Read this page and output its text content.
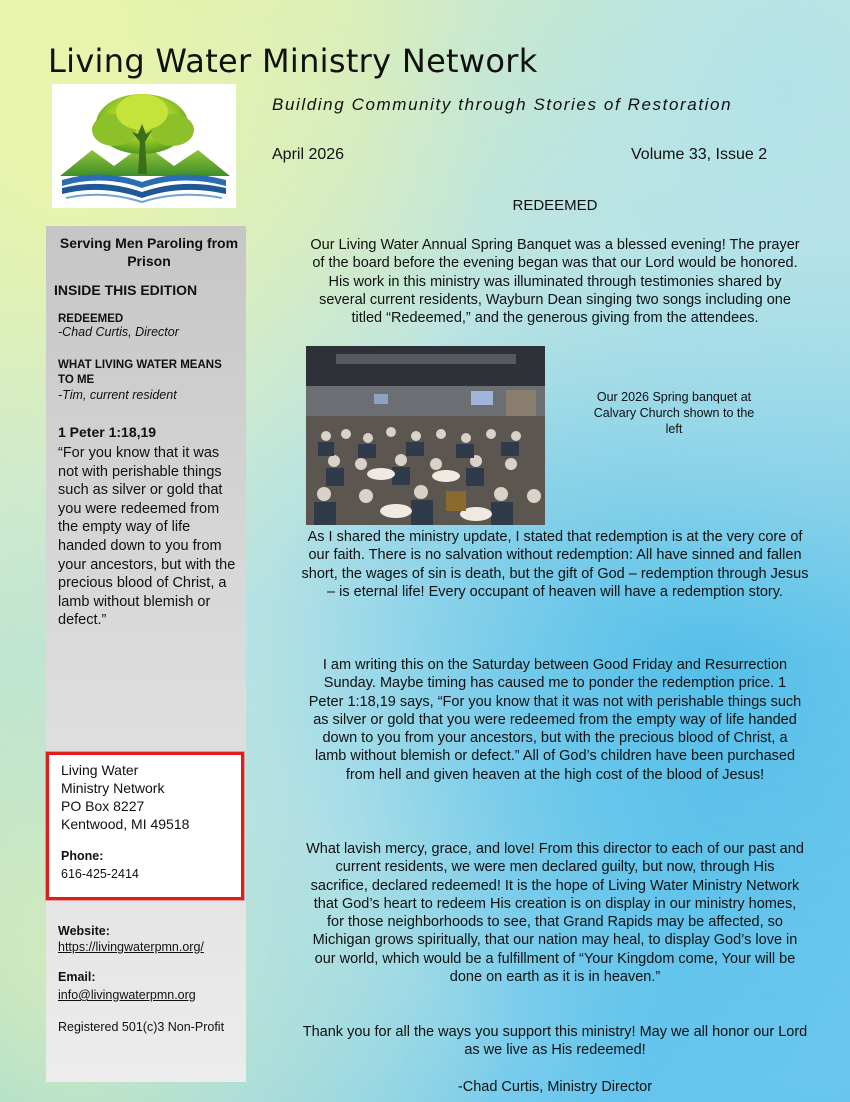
Living Water Ministry Network
Building Community through Stories of Restoration
April 2026	Volume 33, Issue 2
Serving Men Paroling from Prison
INSIDE THIS EDITION
REDEEMED
-Chad Curtis, Director
WHAT LIVING WATER MEANS TO ME
-Tim, current resident
1 Peter 1:18,19
“For you know that it was not with perishable things such as silver or gold that you were redeemed from the empty way of life handed down to you from your ancestors, but with the precious blood of Christ, a lamb without blemish or defect.”
Website:
https://livingwaterpmn.org/
Email:
info@livingwaterpmn.org
Registered 501(c)3 Non-Profit
Living Water Ministry Network
PO Box 8227
Kentwood, MI 49518
Phone:
616-425-2414
REDEEMED
Our Living Water Annual Spring Banquet was a blessed evening! The prayer of the board before the evening began was that our Lord would be honored. His work in this ministry was illuminated through testimonies shared by several current residents, Wayburn Dean singing two songs including one titled “Redeemed,” and the generous giving from the attendees.
Our 2026 Spring banquet at Calvary Church shown to the left
As I shared the ministry update, I stated that redemption is at the very core of our faith. There is no salvation without redemption: All have sinned and fallen short, the wages of sin is death, but the gift of God – redemption through Jesus – is eternal life! Every occupant of heaven will have a redemption story.
I am writing this on the Saturday between Good Friday and Resurrection Sunday. Maybe timing has caused me to ponder the redemption price. 1 Peter 1:18,19 says, “For you know that it was not with perishable things such as silver or gold that you were redeemed from the empty way of life handed down to you from your ancestors, but with the precious blood of Christ, a lamb without blemish or defect.” All of God’s children have been purchased from hell and given heaven at the high cost of the blood of Jesus!
What lavish mercy, grace, and love! From this director to each of our past and current residents, we were men declared guilty, but now, through His sacrifice, declared redeemed! It is the hope of Living Water Ministry Network that God’s heart to redeem His creation is on display in our ministry homes, for those neighborhoods to see, that Grand Rapids may be affected, so Michigan grows spiritually, that our nation may heal, to display God’s love in our world, which would be a fulfillment of “Your Kingdom come, Your will be done on earth as it is in heaven.”
Thank you for all the ways you support this ministry! May we all honor our Lord as we live as His redeemed!
-Chad Curtis, Ministry Director
